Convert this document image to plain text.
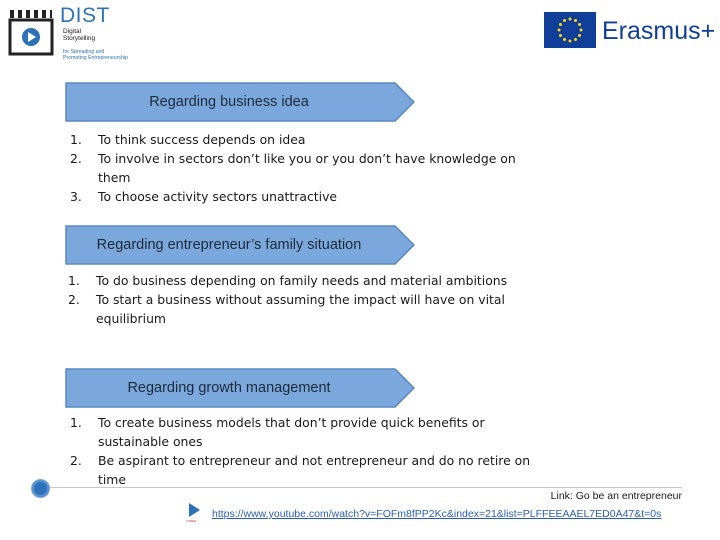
DIST
Digital
Storytelling
for Spreading and
Promoting Entrepreneurship
Erasmus+
Regarding business idea
1. To think success depends on idea
2. To involve in sectors don’t like you or you don’t have knowledge on them
3. To choose activity sectors unattractive
Regarding entrepreneur’s family situation
1. To do business depending on family needs and material ambitions
2. To start a business without assuming the impact will have on vital equilibrium
Regarding growth management
1. To create business models that don’t provide quick benefits or sustainable ones
2. Be aspirant to entrepreneur and not entrepreneur and do no retire on time
Link: Go be an entrepreneur
LOREN
https://www.youtube.com/watch?v=FOFm8fPP2Kc&index=21&list=PLFFEEAAEL7ED0A47&t=0s
